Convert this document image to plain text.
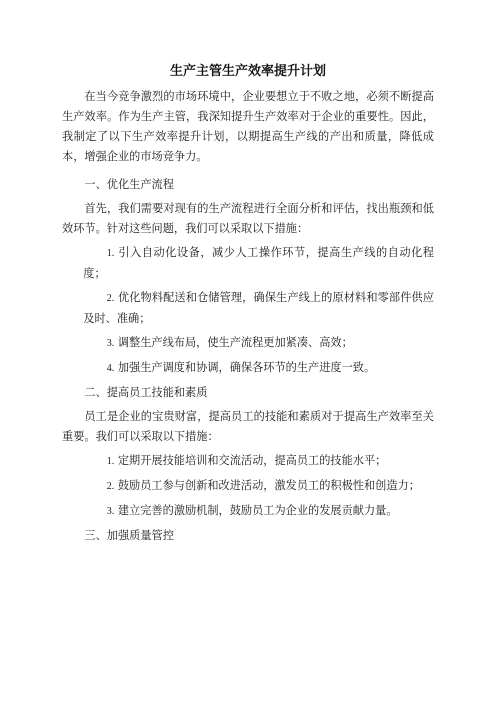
生产主管生产效率提升计划

在当今竞争激烈的市场环境中，企业要想立于不败之地，必须不断提高生产效率。作为生产主管，我深知提升生产效率对于企业的重要性。因此，我制定了以下生产效率提升计划，以期提高生产线的产出和质量，降低成本，增强企业的市场竞争力。

一、优化生产流程

首先，我们需要对现有的生产流程进行全面分析和评估，找出瓶颈和低效环节。针对这些问题，我们可以采取以下措施：

1. 引入自动化设备，减少人工操作环节，提高生产线的自动化程度；
2. 优化物料配送和仓储管理，确保生产线上的原材料和零部件供应及时、准确；
3. 调整生产线布局，使生产流程更加紧凑、高效；
4. 加强生产调度和协调，确保各环节的生产进度一致。
二、提高员工技能和素质

员工是企业的宝贵财富，提高员工的技能和素质对于提高生产效率至关重要。我们可以采取以下措施：

1. 定期开展技能培训和交流活动，提高员工的技能水平；
2. 鼓励员工参与创新和改进活动，激发员工的积极性和创造力；
3. 建立完善的激励机制，鼓励员工为企业的发展贡献力量。
三、加强质量管控
